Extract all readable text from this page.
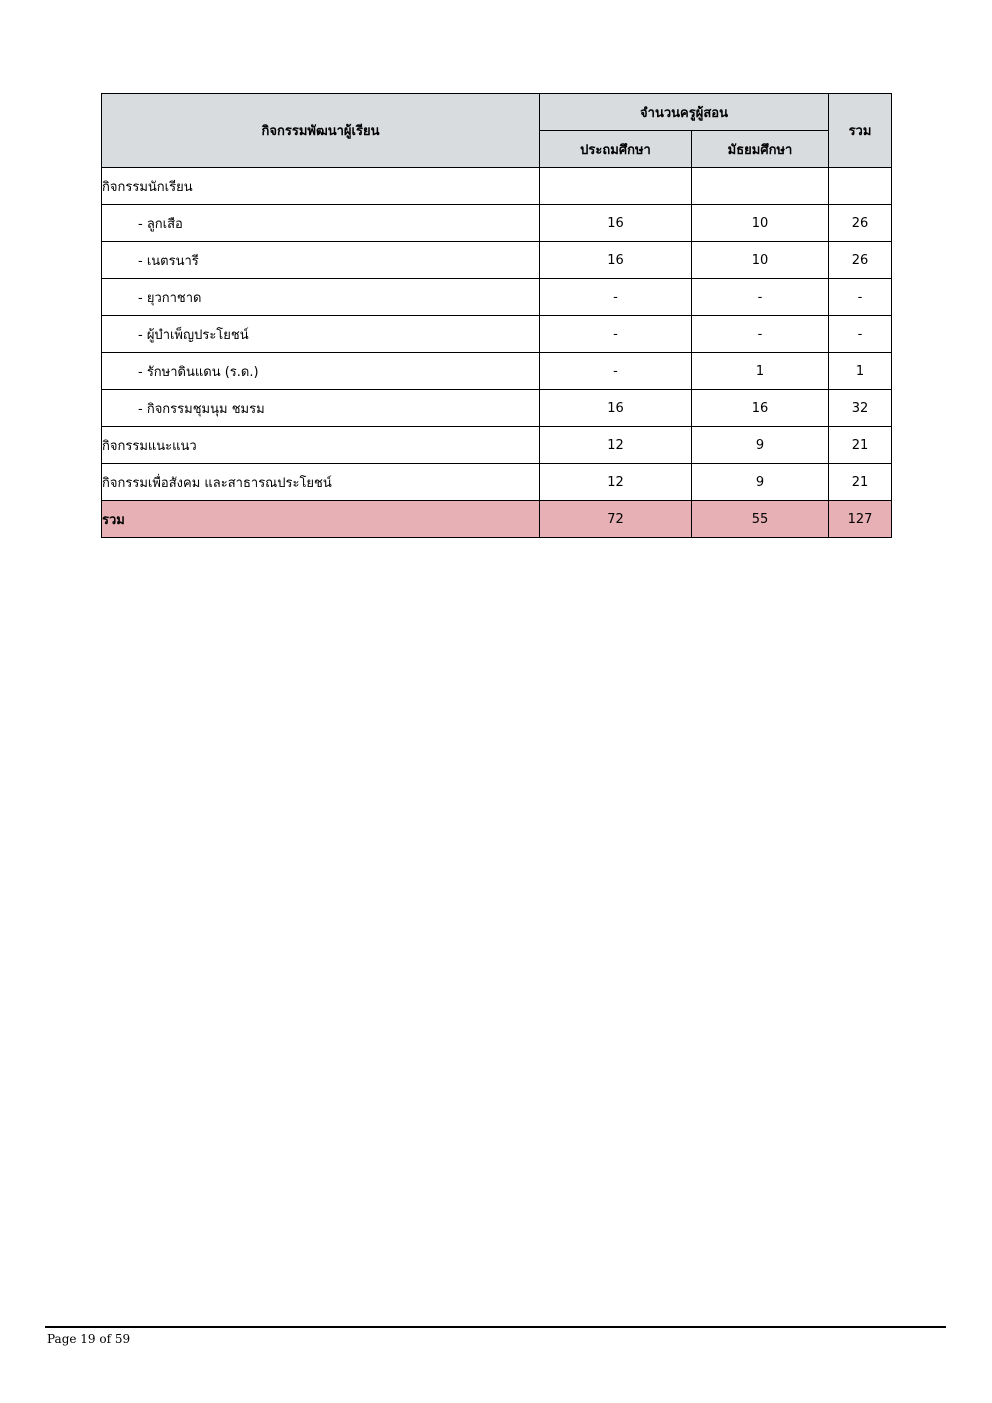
กิจกรรมพัฒนาผู้เรียน	จำนวนครูผู้สอน		รวม
	ประถมศึกษา	มัธยมศึกษา	
กิจกรรมนักเรียน			
- ลูกเสือ	16	10	26
- เนตรนารี	16	10	26
- ยุวกาชาด	-	-	-
- ผู้บำเพ็ญประโยชน์	-	-	-
- รักษาดินแดน (ร.ด.)	-	1	1
- กิจกรรมชุมนุม ชมรม	16	16	32
กิจกรรมแนะแนว	12	9	21
กิจกรรมเพื่อสังคม และสาธารณประโยชน์	12	9	21
รวม	72	55	127
Page 19 of 59
